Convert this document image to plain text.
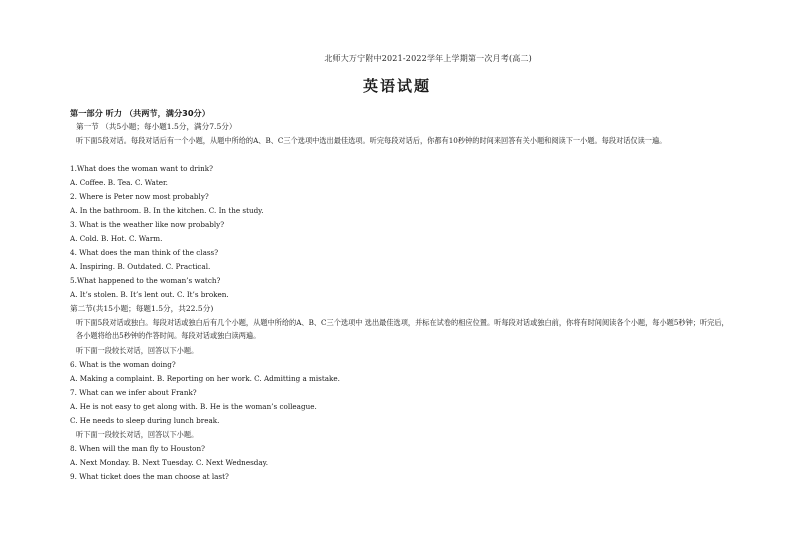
北师大万宁附中2021-2022学年上学期第一次月考(高二)
英语试题
第一部分 听力 （共两节，满分30分）
第一节 （共5小题；每小题1.5分，满分7.5分）
听下面5段对话。每段对话后有一个小题，从题中所给的A、B、C三个选项中选出最佳选项。听完每段对话后，你都有10秒钟的时间来回答有关小题和阅读下一小题。每段对话仅读一遍。
1.What does the woman want to drink?
A. Coffee. B. Tea. C. Water.
2. Where is Peter now most probably?
A. In the bathroom. B. In the kitchen. C. In the study.
3. What is the weather like now probably?
A. Cold. B. Hot. C. Warm.
4. What does the man think of the class?
A. Inspiring. B. Outdated. C. Practical.
5.What happened to the woman’s watch?
A. It’s stolen. B. It’s lent out. C. It’s broken.
第二节(共15小题；每题1.5分，共22.5分)
听下面5段对话或独白。每段对话或独白后有几个小题，从题中所给的A、B、C三个选项中 选出最佳选项，并标在试卷的相应位置。听每段对话或独白前，你将有时间阅读各个小题，每小题5秒钟；听完后，各小题将给出5秒钟的作答时间。每段对话或独白读两遍。
听下面一段较长对话，回答以下小题。
6. What is the woman doing?
A. Making a complaint. B. Reporting on her work. C. Admitting a mistake.
7. What can we infer about Frank?
A. He is not easy to get along with. B. He is the woman’s colleague.
C. He needs to sleep during lunch break.
听下面一段较长对话，回答以下小题。
8. When will the man fly to Houston?
A. Next Monday. B. Next Tuesday. C. Next Wednesday.
9. What ticket does the man choose at last?
